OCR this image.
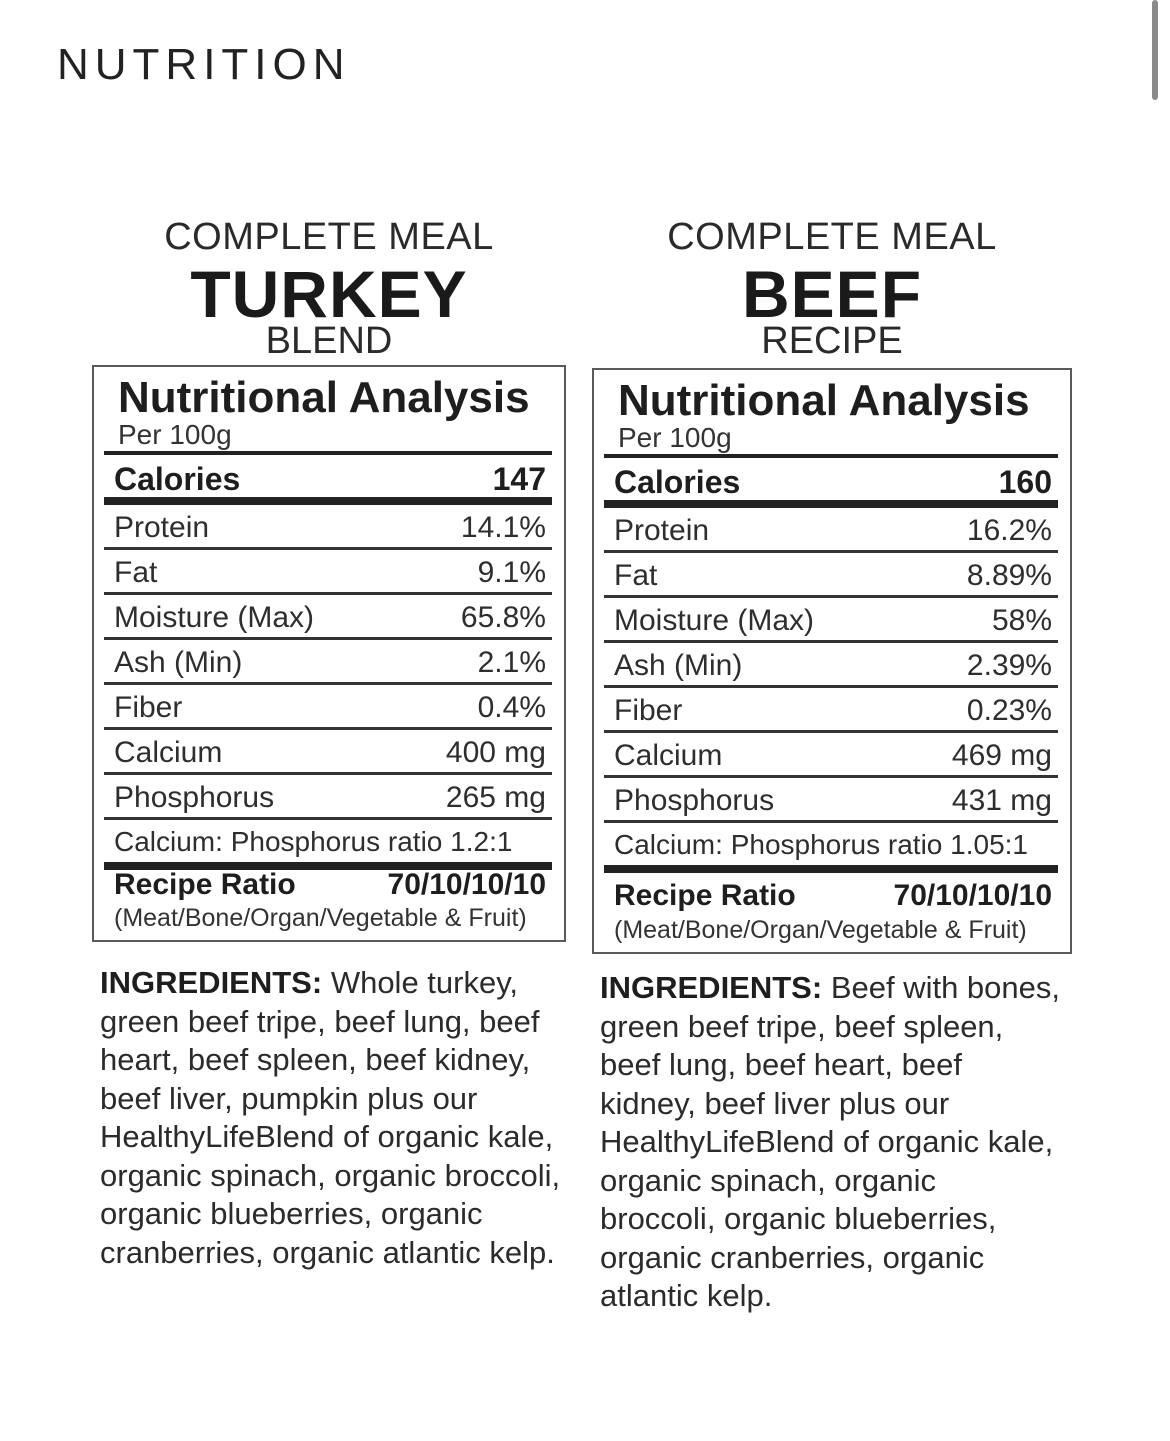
NUTRITION
COMPLETE MEAL
TURKEY
BLEND
Nutritional Analysis
Per 100g
Calories	147
Protein	14.1%
Fat	9.1%
Moisture (Max)	65.8%
Ash (Min)	2.1%
Fiber	0.4%
Calcium	400 mg
Phosphorus	265 mg
Calcium: Phosphorus ratio 1.2:1
Recipe Ratio	70/10/10/10
(Meat/Bone/Organ/Vegetable & Fruit)
INGREDIENTS: Whole turkey, green beef tripe, beef lung, beef heart, beef spleen, beef kidney, beef liver, pumpkin plus our HealthyLifeBlend of organic kale, organic spinach, organic broccoli, organic blueberries, organic cranberries, organic atlantic kelp.
COMPLETE MEAL
BEEF
RECIPE
Nutritional Analysis
Per 100g
Calories	160
Protein	16.2%
Fat	8.89%
Moisture (Max)	58%
Ash (Min)	2.39%
Fiber	0.23%
Calcium	469 mg
Phosphorus	431 mg
Calcium: Phosphorus ratio 1.05:1
Recipe Ratio	70/10/10/10
(Meat/Bone/Organ/Vegetable & Fruit)
INGREDIENTS: Beef with bones, green beef tripe, beef spleen, beef lung, beef heart, beef kidney, beef liver plus our HealthyLifeBlend of organic kale, organic spinach, organic broccoli, organic blueberries, organic cranberries, organic atlantic kelp.
